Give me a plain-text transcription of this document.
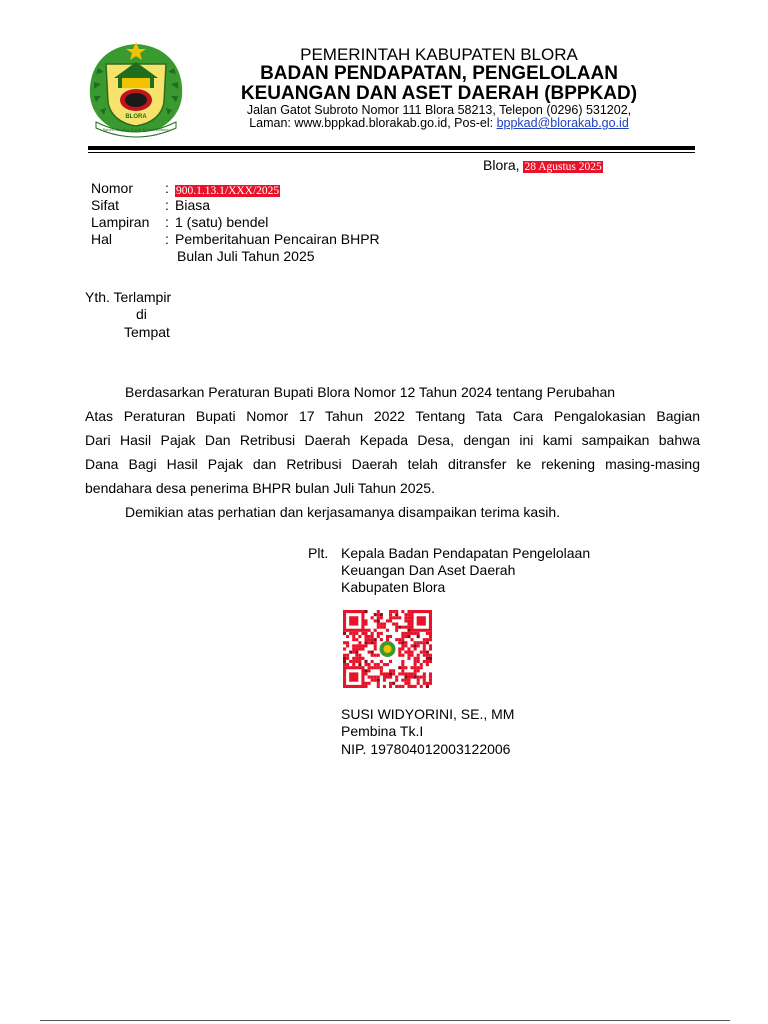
BLORA
Sarwa Tangkas Tanuh Tansah Rahayu
PEMERINTAH KABUPATEN BLORA
BADAN PENDAPATAN, PENGELOLAAN
KEUANGAN DAN ASET DAERAH (BPPKAD)
Jalan Gatot Subroto Nomor 111 Blora 58213, Telepon (0296) 531202,
Laman: www.bppkad.blorakab.go.id, Pos-el: bppkad@blorakab.go.id
Blora, 28 Agustus 2025
Nomor : 900.1.13.1/XXX/2025
Sifat	: Biasa
Lampiran : 1 (satu) bendel
Hal	: Pemberitahuan Pencairan BHPR
Bulan Juli Tahun 2025
Yth. Terlampir
di
Tempat
Berdasarkan Peraturan Bupati Blora Nomor 12 Tahun 2024 tentang Perubahan
Atas Peraturan Bupati Nomor 17 Tahun 2022 Tentang Tata Cara Pengalokasian Bagian
Dari Hasil Pajak Dan Retribusi Daerah Kepada Desa, dengan ini kami sampaikan bahwa
Dana Bagi Hasil Pajak dan Retribusi Daerah telah ditransfer ke rekening masing-masing
bendahara desa penerima BHPR bulan Juli Tahun 2025.
Demikian atas perhatian dan kerjasamanya disampaikan terima kasih.
Plt. Kepala Badan Pendapatan Pengelolaan
Keuangan Dan Aset Daerah
Kabupaten Blora
SUSI WIDYORINI, SE., MM
Pembina Tk.I
NIP. 197804012003122006
